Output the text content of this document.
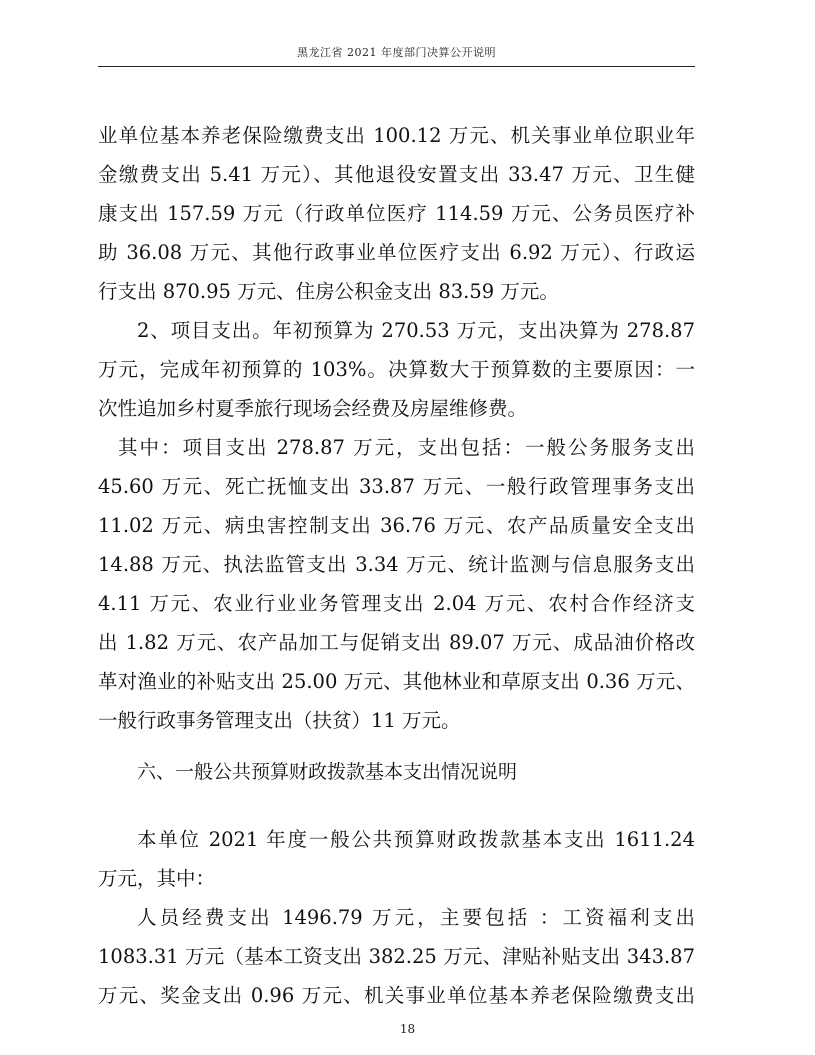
黑龙江省 2021 年度部门决算公开说明
业单位基本养老保险缴费支出 100.12 万元、机关事业单位职业年
金缴费支出 5.41 万元）、其他退役安置支出 33.47 万元、卫生健
康支出 157.59 万元（行政单位医疗 114.59 万元、公务员医疗补
助 36.08 万元、其他行政事业单位医疗支出 6.92 万元）、行政运
行支出 870.95 万元、住房公积金支出 83.59 万元。
2、项目支出。年初预算为 270.53 万元，支出决算为 278.87
万元，完成年初预算的 103%。决算数大于预算数的主要原因：一
次性追加乡村夏季旅行现场会经费及房屋维修费。
其中：项目支出 278.87 万元，支出包括：一般公务服务支出
45.60 万元、死亡抚恤支出 33.87 万元、一般行政管理事务支出
11.02 万元、病虫害控制支出 36.76 万元、农产品质量安全支出
14.88 万元、执法监管支出 3.34 万元、统计监测与信息服务支出
4.11 万元、农业行业业务管理支出 2.04 万元、农村合作经济支
出 1.82 万元、农产品加工与促销支出 89.07 万元、成品油价格改
革对渔业的补贴支出 25.00 万元、其他林业和草原支出 0.36 万元、
一般行政事务管理支出（扶贫）11 万元。
六、一般公共预算财政拨款基本支出情况说明
本单位 2021 年度一般公共预算财政拨款基本支出 1611.24
万元，其中：
人员经费支出 1496.79 万元，主要包括 ：工资福利支出
1083.31 万元（基本工资支出 382.25 万元、津贴补贴支出 343.87
万元、奖金支出 0.96 万元、机关事业单位基本养老保险缴费支出
18
